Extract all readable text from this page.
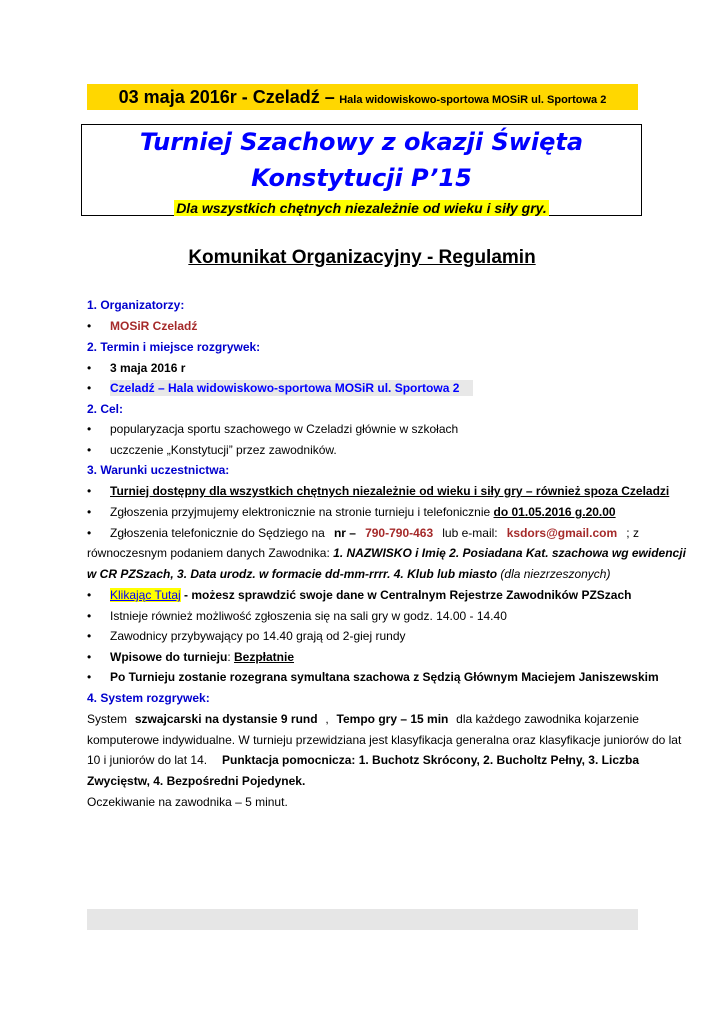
03 maja 2016r - Czeladź – Hala widowiskowo-sportowa MOSiR ul. Sportowa 2
Turniej Szachowy z okazji Święta
Konstytucji P’15
Dla wszystkich chętnych niezależnie od wieku i siły gry.
Komunikat Organizacyjny - Regulamin
1. Organizatorzy:
MOSiR Czeladź
2. Termin i miejsce rozgrywek:
3 maja 2016 r
Czeladź – Hala widowiskowo-sportowa MOSiR ul. Sportowa 2
2. Cel:
popularyzacja sportu szachowego w Czeladzi głównie w szkołach
uczczenie „Konstytucji” przez zawodników.
3. Warunki uczestnictwa:
Turniej dostępny dla wszystkich chętnych niezależnie od wieku i siły gry – również spoza Czeladzi
Zgłoszenia przyjmujemy elektronicznie na stronie turnieju i telefonicznie do 01.05.2016 g.20.00
Zgłoszenia telefonicznie do Sędziego na nr – 790-790-463 lub e-mail: ksdors@gmail.com ; z
równoczesnym podaniem danych Zawodnika: 1. NAZWISKO i Imię 2. Posiadana Kat. szachowa wg ewidencji
w CR PZSzach, 3. Data urodz. w formacie dd-mm-rrrr. 4. Klub lub miasto (dla niezrzeszonych)
Klikając Tutaj - możesz sprawdzić swoje dane w Centralnym Rejestrze Zawodników PZSzach
Istnieje również możliwość zgłoszenia się na sali gry w godz. 14.00 - 14.40
Zawodnicy przybywający po 14.40 grają od 2-giej rundy
Wpisowe do turnieju: Bezpłatnie
Po Turnieju zostanie rozegrana symultana szachowa z Sędzią Głównym Maciejem Janiszewskim
4. System rozgrywek:
System szwajcarski na dystansie 9 rund , Tempo gry – 15 min dla każdego zawodnika kojarzenie
komputerowe indywidualne. W turnieju przewidziana jest klasyfikacja generalna oraz klasyfikacje juniorów do lat
10 i juniorów do lat 14. Punktacja pomocnicza: 1. Buchotz Skrócony, 2. Bucholtz Pełny, 3. Liczba
Zwycięstw, 4. Bezpośredni Pojedynek.
Oczekiwanie na zawodnika – 5 minut.
